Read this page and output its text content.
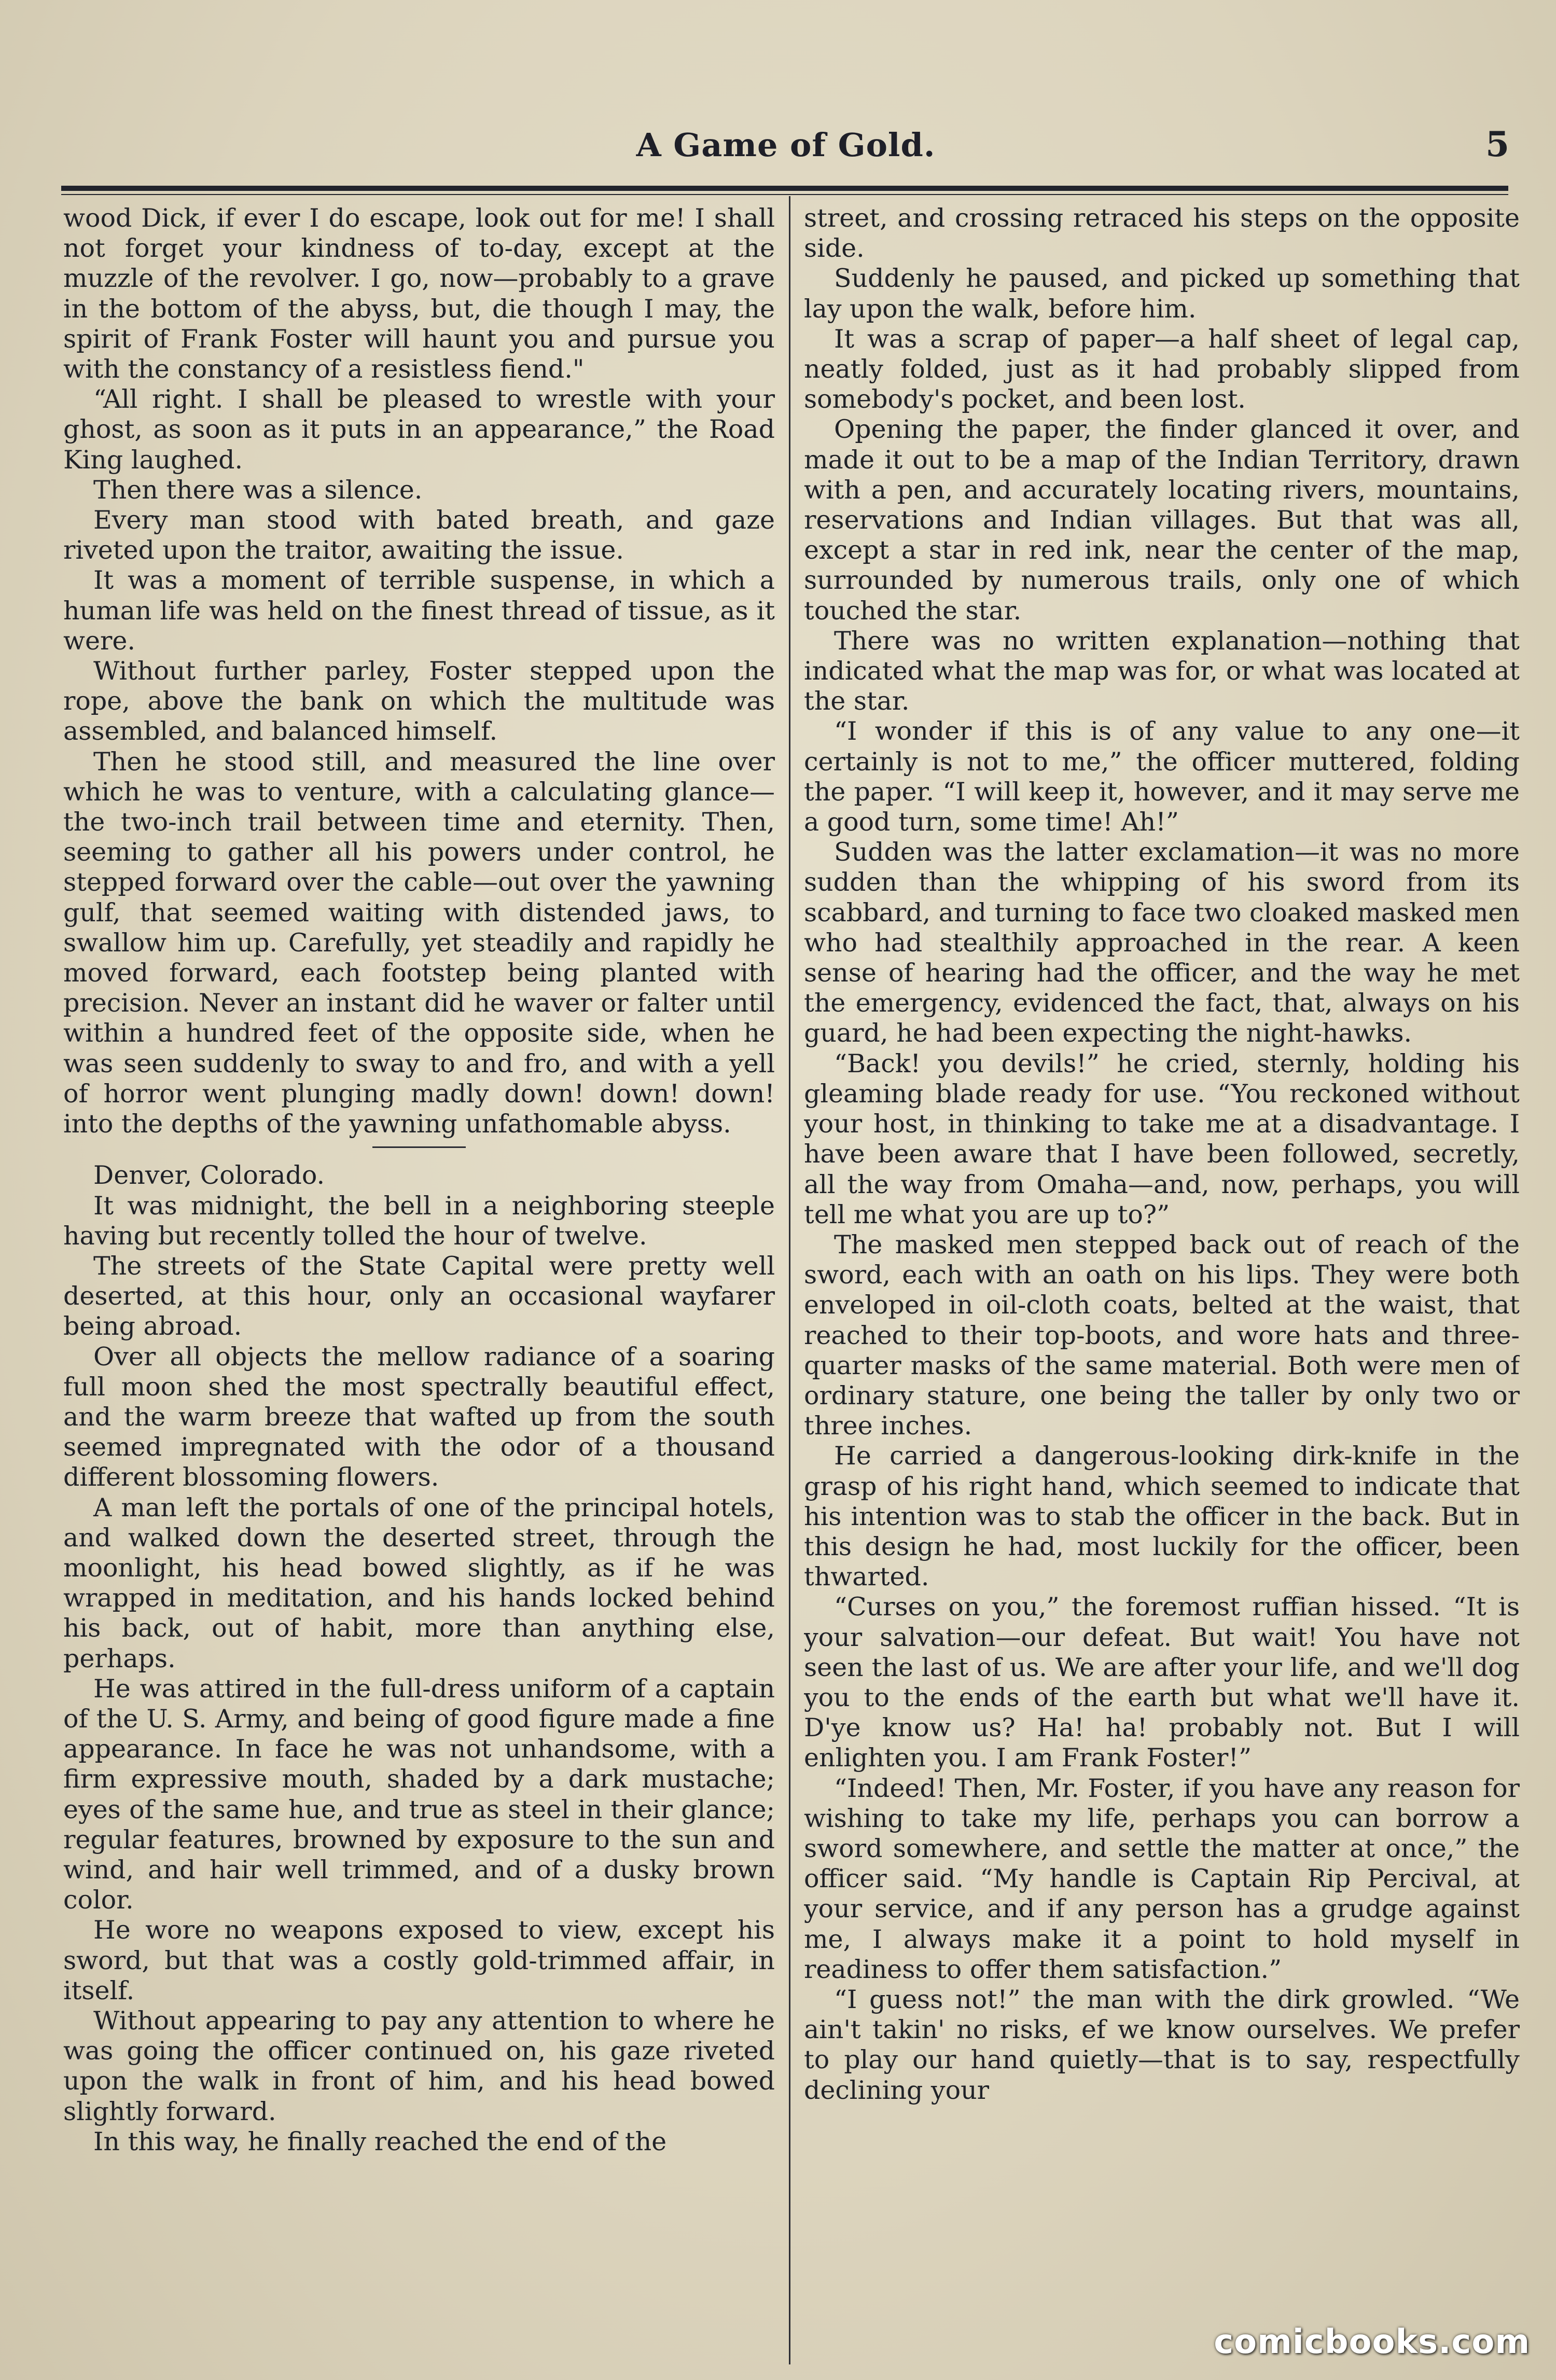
A Game of Gold.	5

wood Dick, if ever I do escape, look out for me! I shall not forget your kindness of to-day, except at the muzzle of the revolver. I go, now—probably to a grave in the bottom of the abyss, but, die though I may, the spirit of Frank Foster will haunt you and pursue you with the constancy of a resistless fiend."

“All right. I shall be pleased to wrestle with your ghost, as soon as it puts in an appearance,” the Road King laughed.

Then there was a silence.

Every man stood with bated breath, and gaze riveted upon the traitor, awaiting the issue.

It was a moment of terrible suspense, in which a human life was held on the finest thread of tissue, as it were.

Without further parley, Foster stepped upon the rope, above the bank on which the multitude was assembled, and balanced himself.

Then he stood still, and measured the line over which he was to venture, with a calculating glance—the two-inch trail between time and eternity. Then, seeming to gather all his powers under control, he stepped forward over the cable—out over the yawning gulf, that seemed waiting with distended jaws, to swallow him up. Carefully, yet steadily and rapidly he moved forward, each footstep being planted with precision. Never an instant did he waver or falter until within a hundred feet of the opposite side, when he was seen suddenly to sway to and fro, and with a yell of horror went plunging madly down! down! down! into the depths of the yawning unfathomable abyss.

Denver, Colorado.

It was midnight, the bell in a neighboring steeple having but recently tolled the hour of twelve.

The streets of the State Capital were pretty well deserted, at this hour, only an occasional wayfarer being abroad.

Over all objects the mellow radiance of a soaring full moon shed the most spectrally beautiful effect, and the warm breeze that wafted up from the south seemed impregnated with the odor of a thousand different blossoming flowers.

A man left the portals of one of the principal hotels, and walked down the deserted street, through the moonlight, his head bowed slightly, as if he was wrapped in meditation, and his hands locked behind his back, out of habit, more than anything else, perhaps.

He was attired in the full-dress uniform of a captain of the U. S. Army, and being of good figure made a fine appearance. In face he was not unhandsome, with a firm expressive mouth, shaded by a dark mustache; eyes of the same hue, and true as steel in their glance; regular features, browned by exposure to the sun and wind, and hair well trimmed, and of a dusky brown color.

He wore no weapons exposed to view, except his sword, but that was a costly gold-trimmed affair, in itself.

Without appearing to pay any attention to where he was going the officer continued on, his gaze riveted upon the walk in front of him, and his head bowed slightly forward.

In this way, he finally reached the end of the

street, and crossing retraced his steps on the opposite side.

Suddenly he paused, and picked up something that lay upon the walk, before him.

It was a scrap of paper—a half sheet of legal cap, neatly folded, just as it had probably slipped from somebody's pocket, and been lost.

Opening the paper, the finder glanced it over, and made it out to be a map of the Indian Territory, drawn with a pen, and accurately locating rivers, mountains, reservations and Indian villages. But that was all, except a star in red ink, near the center of the map, surrounded by numerous trails, only one of which touched the star.

There was no written explanation—nothing that indicated what the map was for, or what was located at the star.

“I wonder if this is of any value to any one—it certainly is not to me,” the officer muttered, folding the paper. “I will keep it, however, and it may serve me a good turn, some time! Ah!”

Sudden was the latter exclamation—it was no more sudden than the whipping of his sword from its scabbard, and turning to face two cloaked masked men who had stealthily approached in the rear. A keen sense of hearing had the officer, and the way he met the emergency, evidenced the fact, that, always on his guard, he had been expecting the night-hawks.

“Back! you devils!” he cried, sternly, holding his gleaming blade ready for use. “You reckoned without your host, in thinking to take me at a disadvantage. I have been aware that I have been followed, secretly, all the way from Omaha—and, now, perhaps, you will tell me what you are up to?”

The masked men stepped back out of reach of the sword, each with an oath on his lips. They were both enveloped in oil-cloth coats, belted at the waist, that reached to their top-boots, and wore hats and three-quarter masks of the same material. Both were men of ordinary stature, one being the taller by only two or three inches.

He carried a dangerous-looking dirk-knife in the grasp of his right hand, which seemed to indicate that his intention was to stab the officer in the back. But in this design he had, most luckily for the officer, been thwarted.

“Curses on you,” the foremost ruffian hissed. “It is your salvation—our defeat. But wait! You have not seen the last of us. We are after your life, and we'll dog you to the ends of the earth but what we'll have it. D'ye know us? Ha! ha! probably not. But I will enlighten you. I am Frank Foster!”

“Indeed! Then, Mr. Foster, if you have any reason for wishing to take my life, perhaps you can borrow a sword somewhere, and settle the matter at once,” the officer said. “My handle is Captain Rip Percival, at your service, and if any person has a grudge against me, I always make it a point to hold myself in readiness to offer them satisfaction.”

“I guess not!” the man with the dirk growled. “We ain't takin' no risks, ef we know ourselves. We prefer to play our hand quietly—that is to say, respectfully declining your

comicbooks.com
